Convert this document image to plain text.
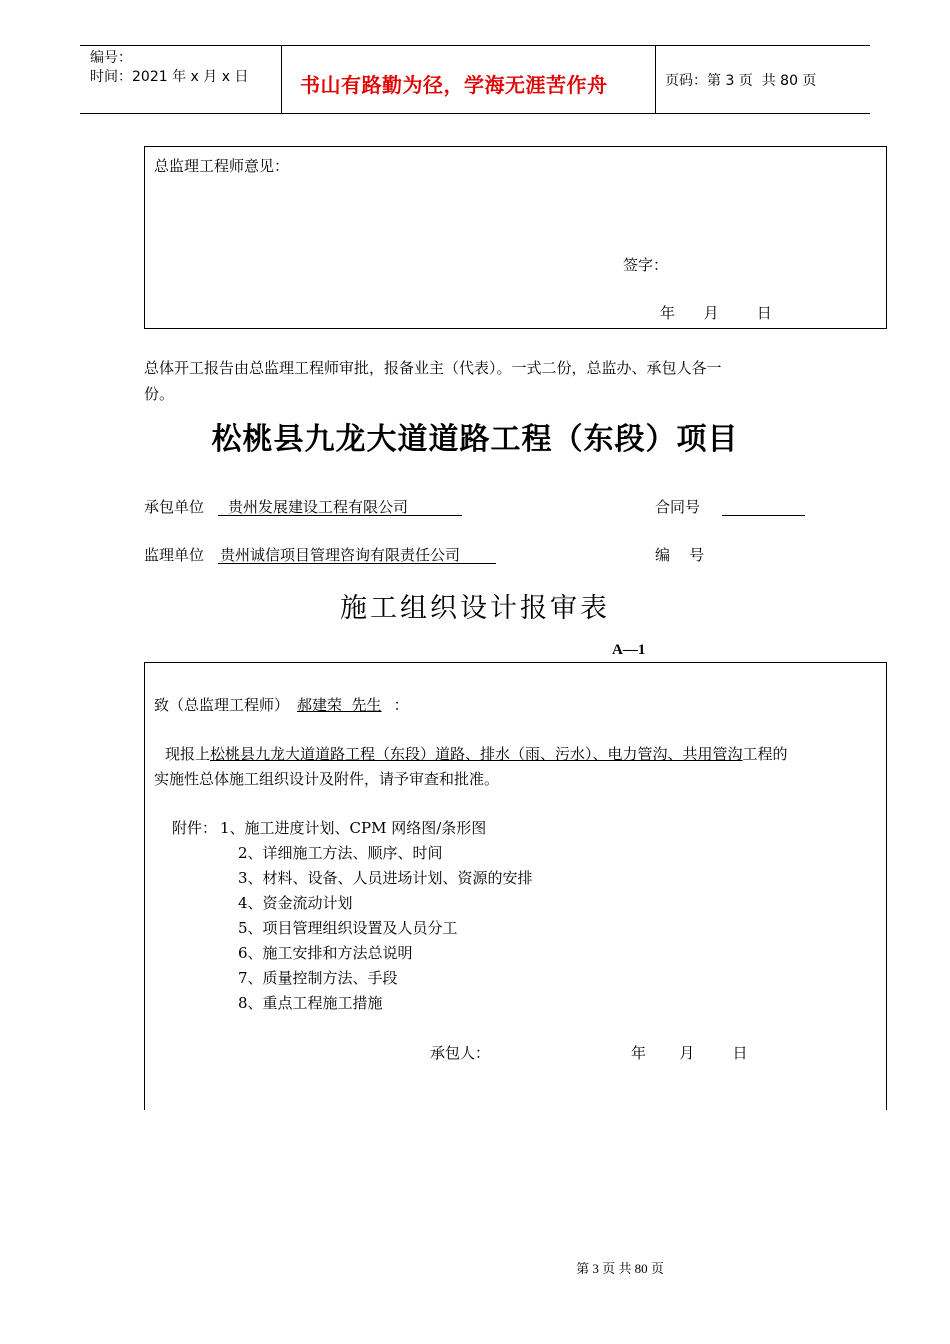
编号：
时间：2021 年 x 月 x 日	书山有路勤为径，学海无涯苦作舟	页码：第 3 页  共 80 页
总监理工程师意见：
签字：
年      月        日
总体开工报告由总监理工程师审批，报备业主（代表）。一式二份，总监办、承包人各一
份。
松桃县九龙大道道路工程（东段）项目
承包单位	贵州发展建设工程有限公司	合同号
监理单位 贵州诚信项目管理咨询有限责任公司	编    号
施工组织设计报审表
A—1
致（总监理工程师） 郝建荣  先生 ：
现报上松桃县九龙大道道路工程（东段）道路、排水（雨、污水）、电力管沟、共用管沟工程的
实施性总体施工组织设计及附件，请予审查和批准。
附件： 1、施工进度计划、CPM 网络图/条形图
2、详细施工方法、顺序、时间
3、材料、设备、人员进场计划、资源的安排
4、资金流动计划
5、项目管理组织设置及人员分工
6、施工安排和方法总说明
7、质量控制方法、手段
8、重点工程施工措施
承包人：	年       月        日
第 3 页 共 80 页
